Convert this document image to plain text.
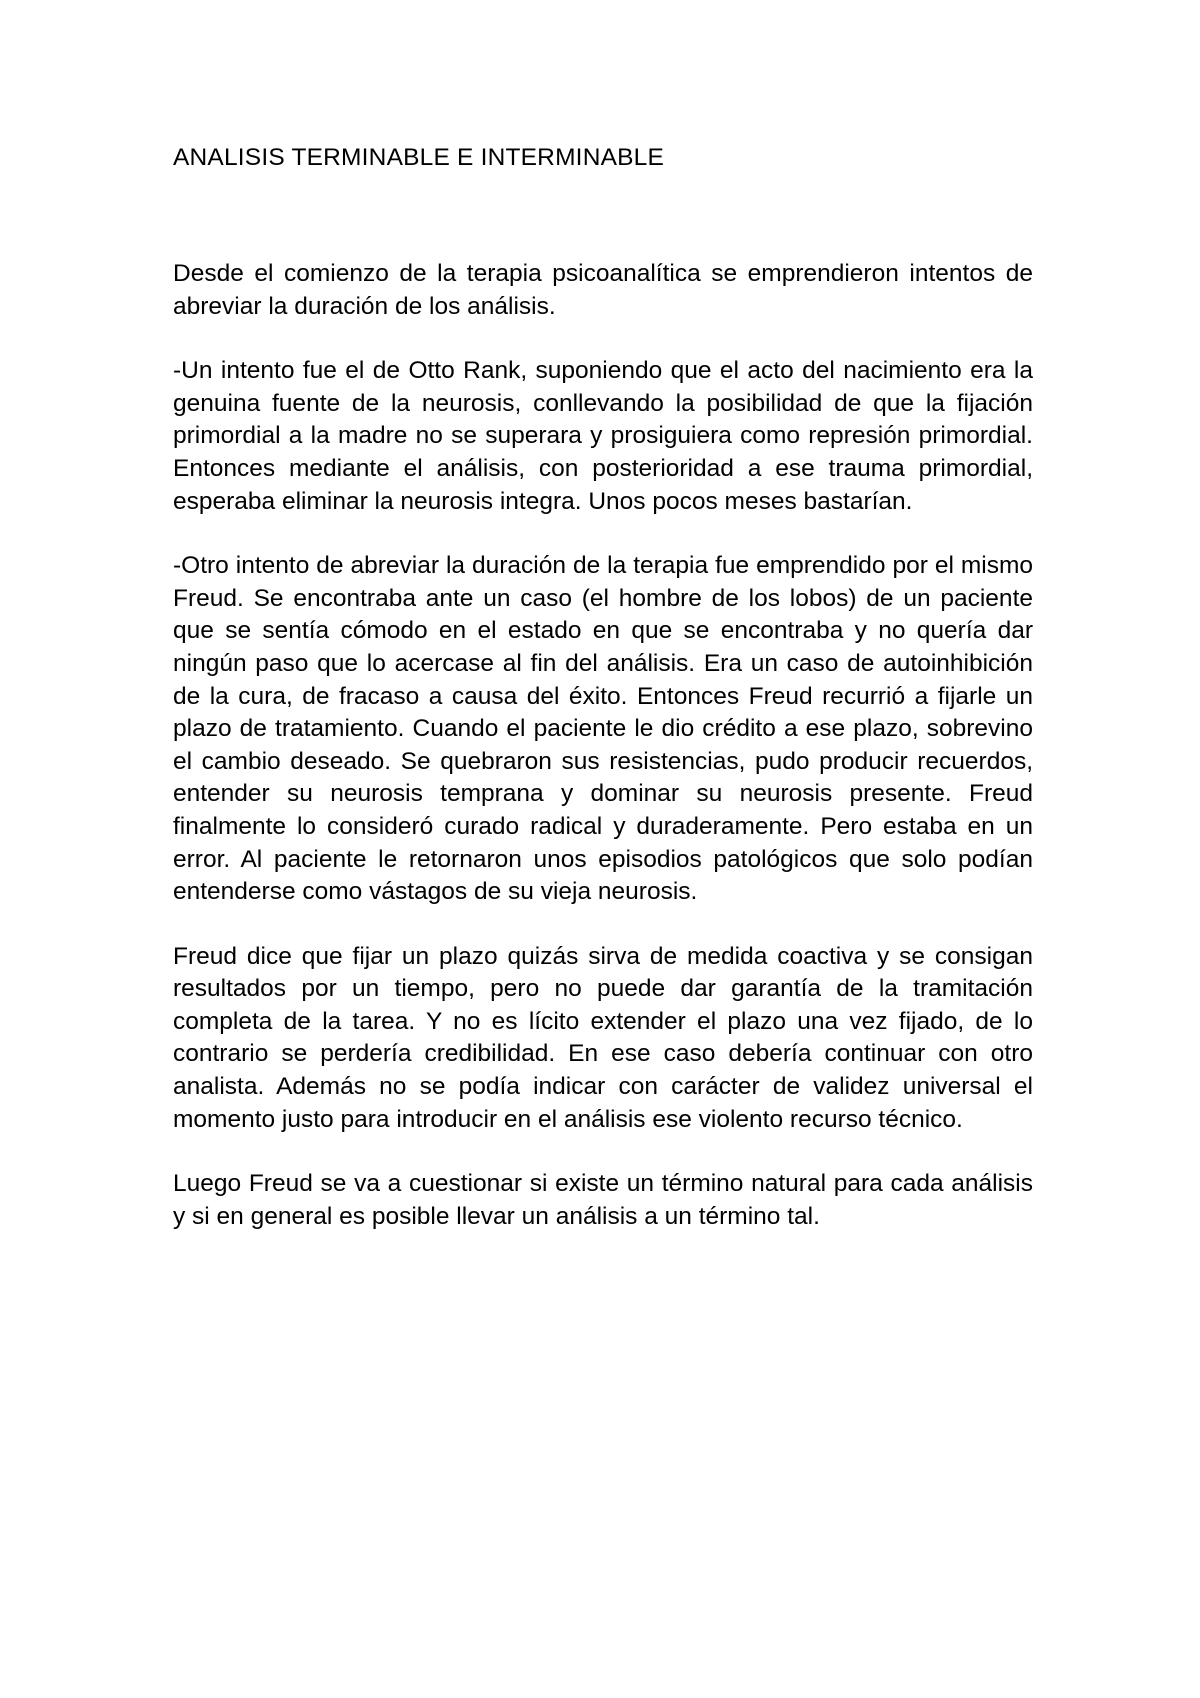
ANALISIS TERMINABLE E INTERMINABLE

Desde el comienzo de la terapia psicoanalítica se emprendieron intentos de abreviar la duración de los análisis.

-Un intento fue el de Otto Rank, suponiendo que el acto del nacimiento era la genuina fuente de la neurosis, conllevando la posibilidad de que la fijación primordial a la madre no se superara y prosiguiera como represión primordial. Entonces mediante el análisis, con posterioridad a ese trauma primordial, esperaba eliminar la neurosis integra. Unos pocos meses bastarían.

-Otro intento de abreviar la duración de la terapia fue emprendido por el mismo Freud. Se encontraba ante un caso (el hombre de los lobos) de un paciente que se sentía cómodo en el estado en que se encontraba y no quería dar ningún paso que lo acercase al fin del análisis. Era un caso de autoinhibición de la cura, de fracaso a causa del éxito. Entonces Freud recurrió a fijarle un plazo de tratamiento. Cuando el paciente le dio crédito a ese plazo, sobrevino el cambio deseado. Se quebraron sus resistencias, pudo producir recuerdos, entender su neurosis temprana y dominar su neurosis presente. Freud finalmente lo consideró curado radical y duraderamente. Pero estaba en un error. Al paciente le retornaron unos episodios patológicos que solo podían entenderse como vástagos de su vieja neurosis.

Freud dice que fijar un plazo quizás sirva de medida coactiva y se consigan resultados por un tiempo, pero no puede dar garantía de la tramitación completa de la tarea. Y no es lícito extender el plazo una vez fijado, de lo contrario se perdería credibilidad. En ese caso debería continuar con otro analista. Además no se podía indicar con carácter de validez universal el momento justo para introducir en el análisis ese violento recurso técnico.

Luego Freud se va a cuestionar si existe un término natural para cada análisis y si en general es posible llevar un análisis a un término tal.
